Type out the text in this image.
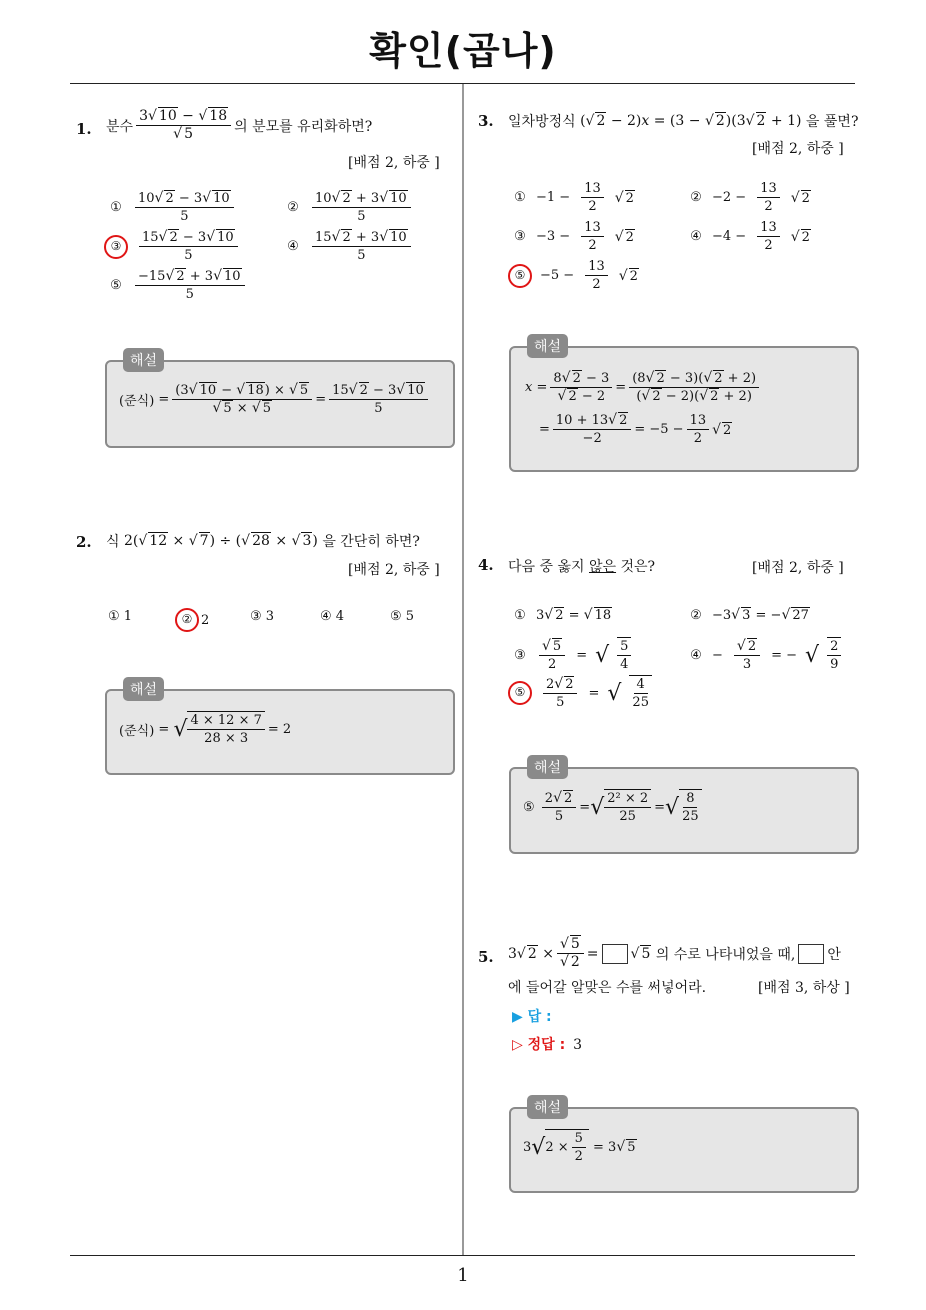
확인(곱나)
1
1. 분수 $\frac{3√ 10 - √ 18}{√ 5}$ 의 분모를 유리화하면?
[배점 2, 하중 ]
① $\frac{10√ 2 - 3√ 10}{5}$	② $\frac{10√ 2 + 3√ 10}{5}$
③	$\frac{15√ 2 - 3√ 10}{5}$	④ $\frac{15√ 2 + 3√ 10}{5}$
⑤ $\frac{-15√ 2 + 3√ 10}{5}$
해설
(준식) = $\frac{(3√ 10 - √ 18) \times √ 5}{√ 5 \times √ 5} = \frac{15√ 2 - 3√ 10}{5}$
2. 식
2(√ 12 × √ 7) ÷ (√ 28 × √ 3)
을 간단히 하면?
[배점 2, 하중 ]
① 1	② 2	③ 3	④ 4	⑤ 5
해설
(준식) = √ $\frac{4 \times 12 \times 7}{28 \times 3} = 2$
3. 일차방정식
(√ 2 − 2)x = (3 − √ 2)(3√ 2 + 1)
을 풀면?
[배점 2, 하중 ]
① $-1 - \frac{13}{2}$ √ 2	② $-2 - \frac{13}{2}$ √ 2
③ $-3 - \frac{13}{2}$ √ 2	④ $-4 - \frac{13}{2}$ √ 2
⑤	$-5 - \frac{13}{2}$ √ 2
해설
$x = \frac{8√ 2 - 3}{√ 2 - 2} = \frac{(8√ 2 - 3)(√ 2 + 2)}{(√ 2 - 2)(√ 2 + 2)}$
= $\frac{10 + 13√ 2}{-2} = -5 - \frac{13}{2}$ √ 2
4. 다음 중 옳지 않은 것은?	[배점 2, 하중 ]
① 3√ 2 = √ 18	② −3√ 3 = −√ 27
③ $\frac{√ 5}{2}$ = √ $\frac{5}{4}$	④ − $\frac{√ 2}{3}$ = − √ $\frac{2}{9}$
⑤	$\frac{2√ 2}{5}$ = √ $\frac{4}{25}$
해설
⑤
$\frac{2√ 2}{5}$ = √ $\frac{\text{2² × 2}}{25}$ = √ $\frac{8}{25}$
5. 3√ $2 \times \frac{√ 5}{√ 2}$ = √ 5
의 수로 나타내었을 때, 안
에 들어갈 알맞은 수를 써넣어라.	[배점 3, 하상 ]
▶ 답 :
▷ 정답 : 3
해설
3 √ $2 \times \frac{5}{2} = 3$ √ 5
